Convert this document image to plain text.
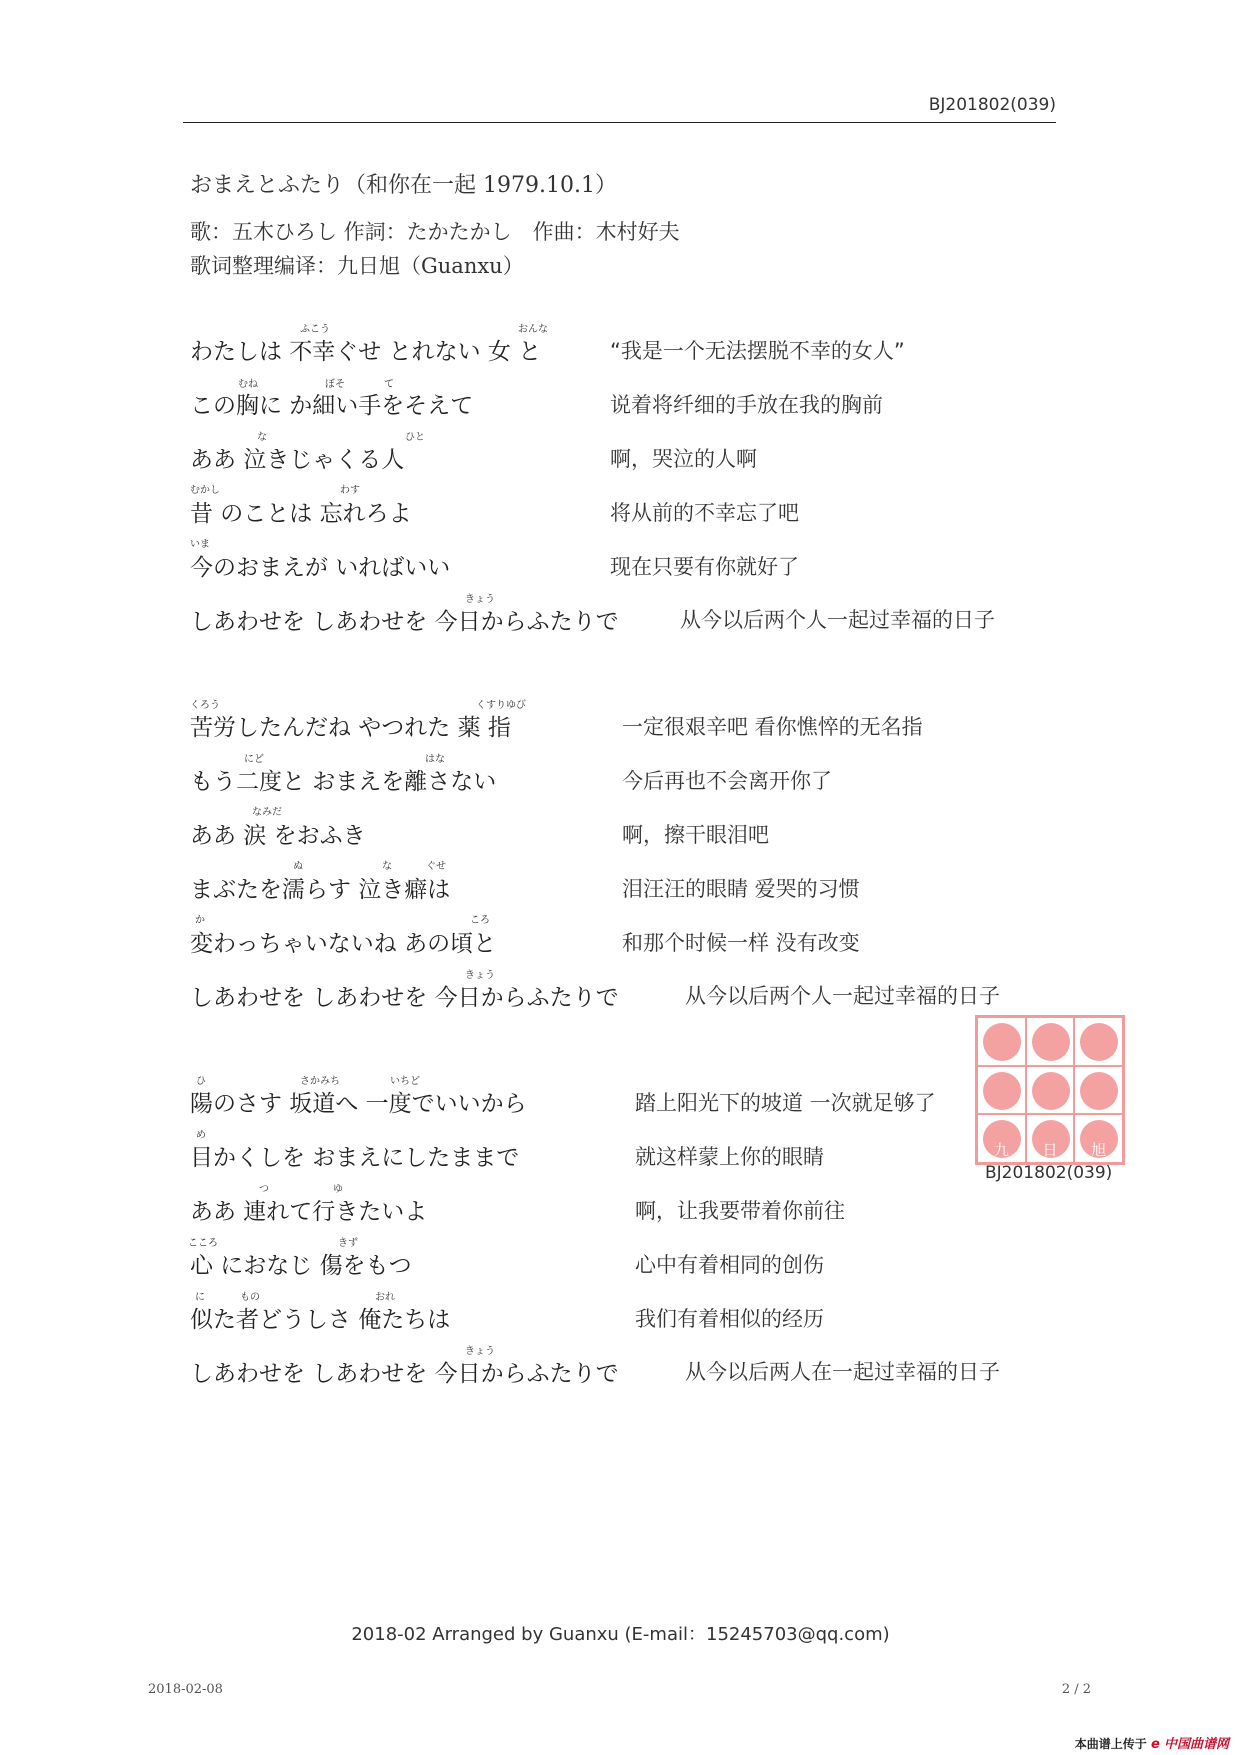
BJ201802(039)
おまえとふたり（和你在一起 1979.10.1）
歌：五木ひろし 作詞：たかたかし　作曲：木村好夫
歌词整理编译：九日旭（Guanxu）
ふこう	おんな
わたしは 不幸ぐせ とれない 女 と	“我是一个无法摆脱不幸的女人”
むね	ぼそ	て
この胸に か細い手をそえて	说着将纤细的手放在我的胸前
な	ひと
ああ 泣きじゃくる人	啊，哭泣的人啊
むかし	わす
昔 のことは 忘れろよ	将从前的不幸忘了吧
いま
今のおまえが いればいい	现在只要有你就好了
きょう
しあわせを しあわせを 今日からふたりで	从今以后两个人一起过幸福的日子
くろう	くすりゆび
苦労したんだね やつれた 薬 指	一定很艰辛吧 看你憔悴的无名指
にど	はな
もう二度と おまえを離さない	今后再也不会离开你了
なみだ
ああ 涙 をおふき	啊，擦干眼泪吧
ぬ	な	ぐせ
まぶたを濡らす 泣き癖は	泪汪汪的眼睛 爱哭的习惯
か	ころ
変わっちゃいないね あの頃と	和那个时候一样 没有改变
きょう
しあわせを しあわせを 今日からふたりで	从今以后两个人一起过幸福的日子
ひ	さかみち	いちど
陽のさす 坂道へ 一度でいいから	踏上阳光下的坡道 一次就足够了
め
目かくしを おまえにしたままで	就这样蒙上你的眼睛
つ	ゆ
ああ 連れて行きたいよ	啊，让我要带着你前往
こころ	きず
心 におなじ 傷をもつ	心中有着相同的创伤
に	もの	おれ
似た者どうしさ 俺たちは	我们有着相似的经历
きょう
しあわせを しあわせを 今日からふたりで	从今以后两人在一起过幸福的日子
九	日	旭
BJ201802(039)
2018-02 Arranged by Guanxu (E-mail：15245703@qq.com)
2018-02-08	2 / 2
本曲谱上传于 e 中国曲谱网
